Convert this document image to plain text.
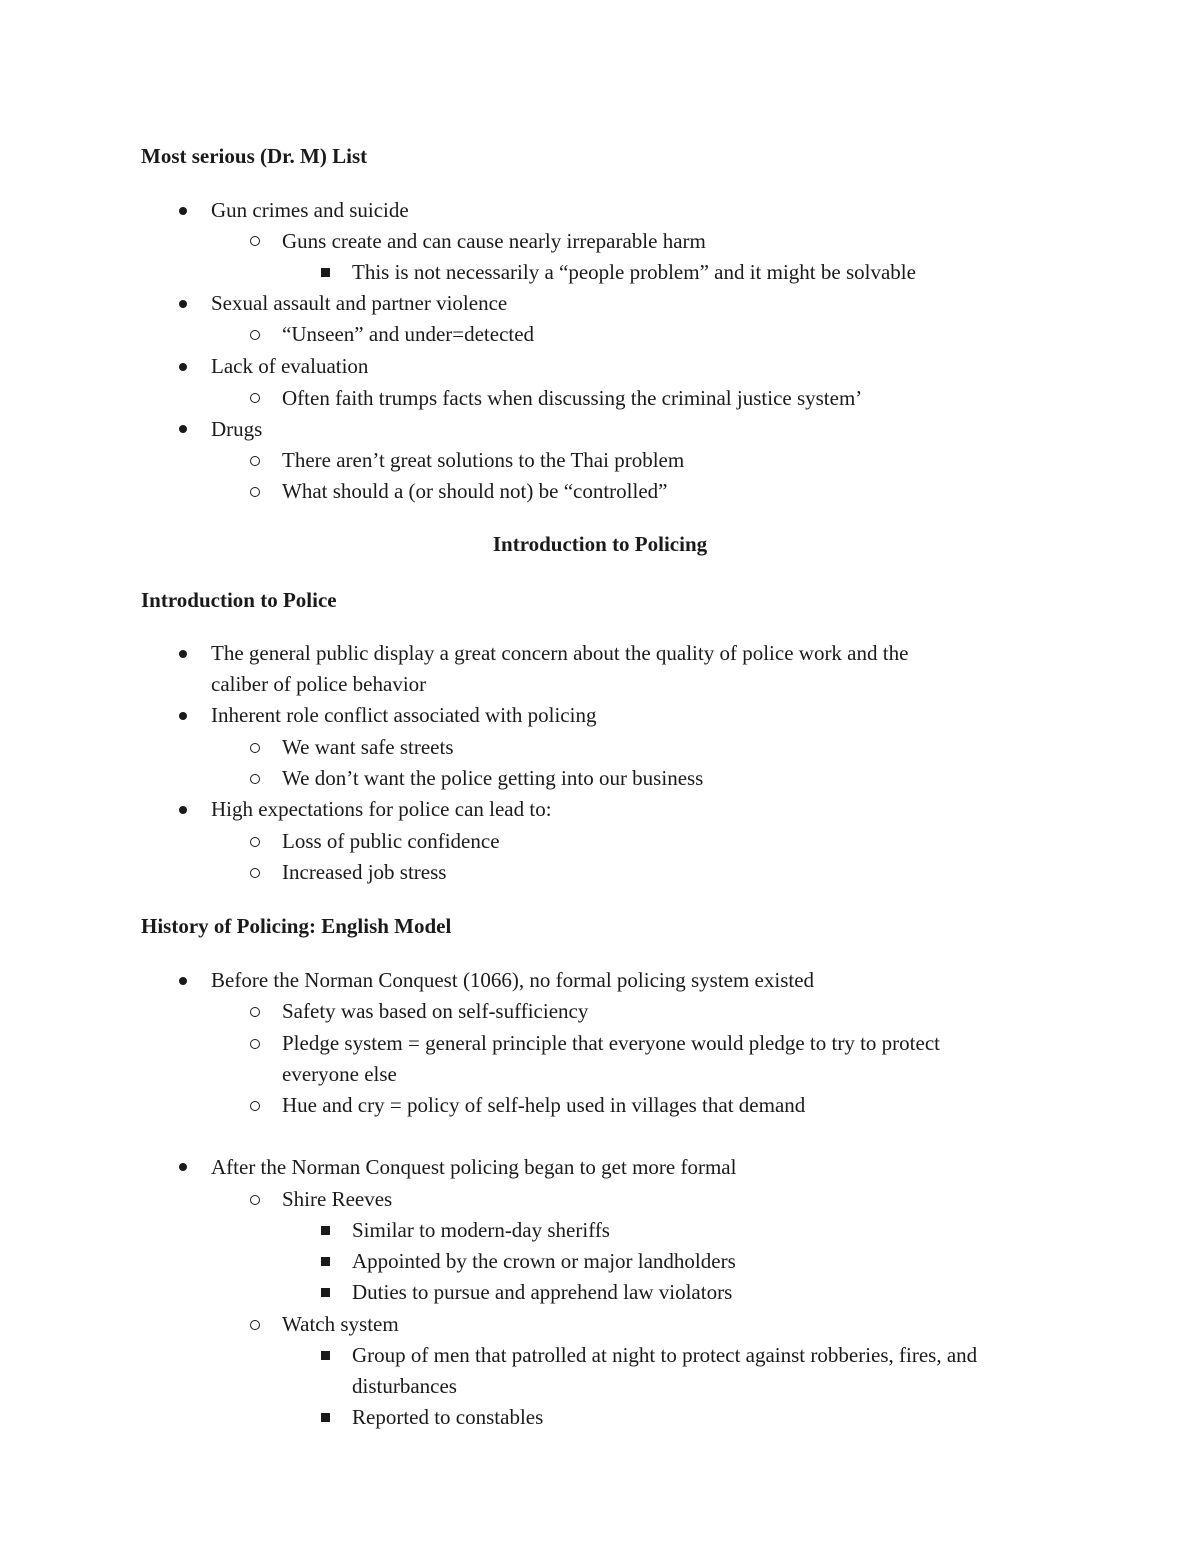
Most serious (Dr. M) List
Gun crimes and suicide
Guns create and can cause nearly irreparable harm
This is not necessarily a “people problem” and it might be solvable
Sexual assault and partner violence
“Unseen” and under=detected
Lack of evaluation
Often faith trumps facts when discussing the criminal justice system’
Drugs
There aren’t great solutions to the Thai problem
What should a (or should not) be “controlled”
Introduction to Policing
Introduction to Police
The general public display a great concern about the quality of police work and the
caliber of police behavior
Inherent role conflict associated with policing
We want safe streets
We don’t want the police getting into our business
High expectations for police can lead to:
Loss of public confidence
Increased job stress
History of Policing: English Model
Before the Norman Conquest (1066), no formal policing system existed
Safety was based on self-sufficiency
Pledge system = general principle that everyone would pledge to try to protect
everyone else
Hue and cry = policy of self-help used in villages that demand
After the Norman Conquest policing began to get more formal
Shire Reeves
Similar to modern-day sheriffs
Appointed by the crown or major landholders
Duties to pursue and apprehend law violators
Watch system
Group of men that patrolled at night to protect against robberies, fires, and
disturbances
Reported to constables
